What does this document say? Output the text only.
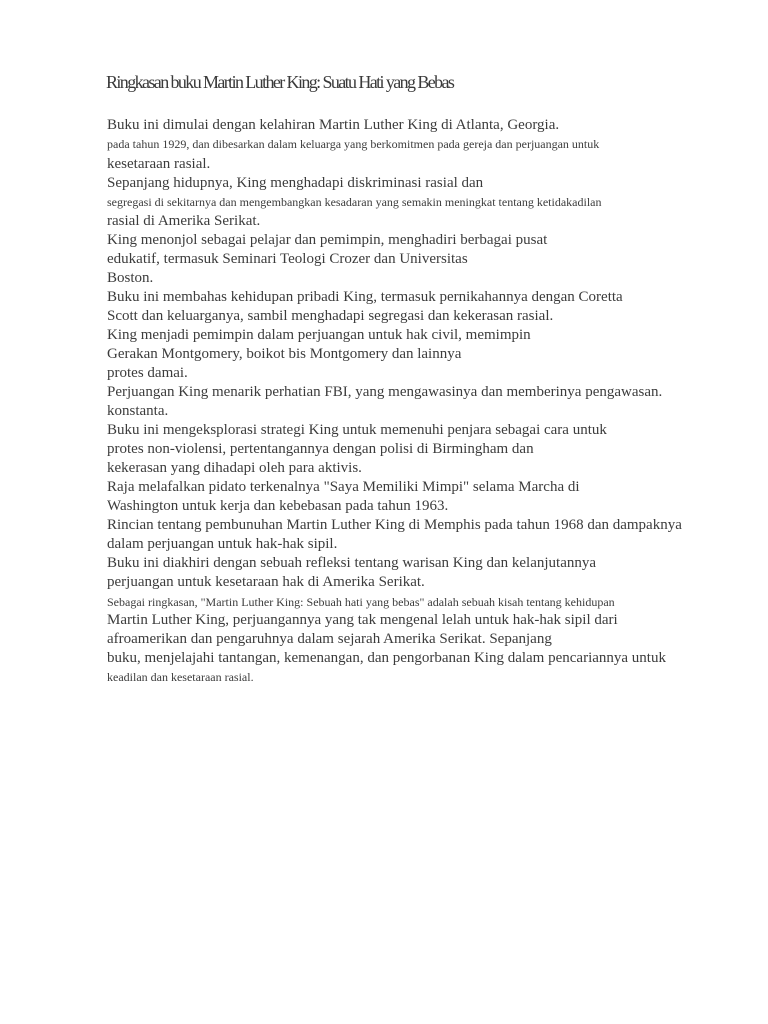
Ringkasan buku Martin Luther King: Suatu Hati yang Bebas
Buku ini dimulai dengan kelahiran Martin Luther King di Atlanta, Georgia.
pada tahun 1929, dan dibesarkan dalam keluarga yang berkomitmen pada gereja dan perjuangan untuk
kesetaraan rasial.
Sepanjang hidupnya, King menghadapi diskriminasi rasial dan
segregasi di sekitarnya dan mengembangkan kesadaran yang semakin meningkat tentang ketidakadilan
rasial di Amerika Serikat.
King menonjol sebagai pelajar dan pemimpin, menghadiri berbagai pusat
edukatif, termasuk Seminari Teologi Crozer dan Universitas
Boston.
Buku ini membahas kehidupan pribadi King, termasuk pernikahannya dengan Coretta
Scott dan keluarganya, sambil menghadapi segregasi dan kekerasan rasial.
King menjadi pemimpin dalam perjuangan untuk hak civil, memimpin
Gerakan Montgomery, boikot bis Montgomery dan lainnya
protes damai.
Perjuangan King menarik perhatian FBI, yang mengawasinya dan memberinya pengawasan.
konstanta.
Buku ini mengeksplorasi strategi King untuk memenuhi penjara sebagai cara untuk
protes non-violensi, pertentangannya dengan polisi di Birmingham dan
kekerasan yang dihadapi oleh para aktivis.
Raja melafalkan pidato terkenalnya "Saya Memiliki Mimpi" selama Marcha di
Washington untuk kerja dan kebebasan pada tahun 1963.
Rincian tentang pembunuhan Martin Luther King di Memphis pada tahun 1968 dan dampaknya
dalam perjuangan untuk hak-hak sipil.
Buku ini diakhiri dengan sebuah refleksi tentang warisan King dan kelanjutannya
perjuangan untuk kesetaraan hak di Amerika Serikat.
Sebagai ringkasan, "Martin Luther King: Sebuah hati yang bebas" adalah sebuah kisah tentang kehidupan
Martin Luther King, perjuangannya yang tak mengenal lelah untuk hak-hak sipil dari
afroamerikan dan pengaruhnya dalam sejarah Amerika Serikat. Sepanjang
buku, menjelajahi tantangan, kemenangan, dan pengorbanan King dalam pencariannya untuk
keadilan dan kesetaraan rasial.
